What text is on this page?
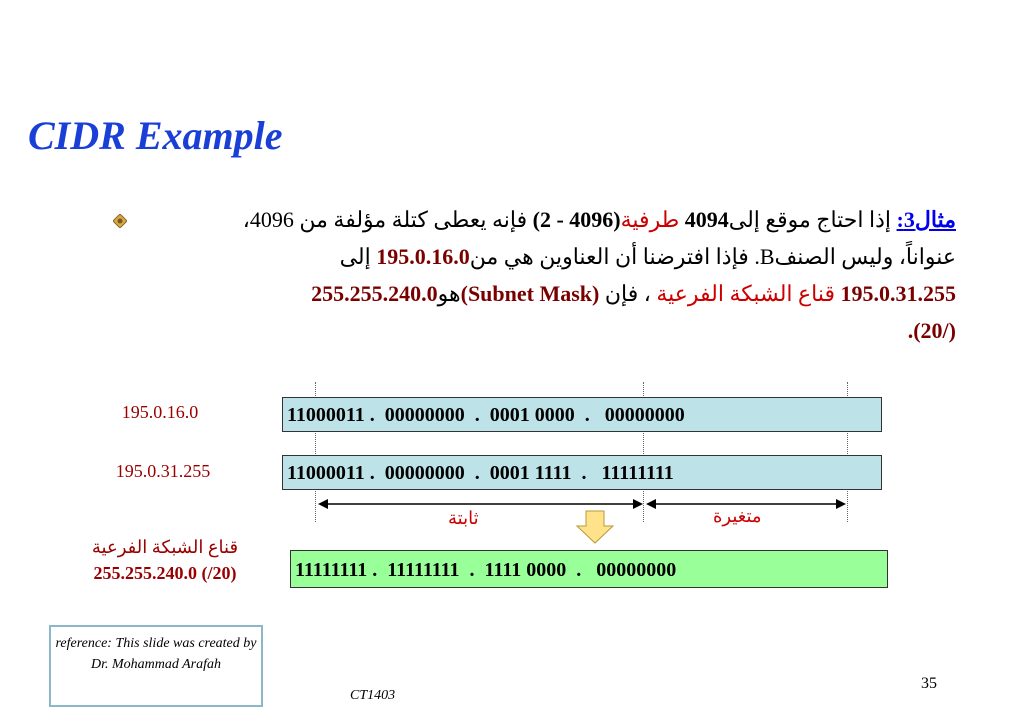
CIDR Example
مثال3: إذا احتاج موقع إلى4094 طرفية(4096 - 2) فإنه يعطى كتلة مؤلفة من 4096،
عنواناً، وليس الصنفB. فإذا افترضنا أن العناوين هي من195.0.16.0 إلى
195.0.31.255 قناع الشبكة الفرعية ، فإن (Subnet Mask)هو255.255.240.0
(/20).
195.0.16.0	11000011 .  00000000  .  0001 0000  .   00000000
195.0.31.255	11000011 .  00000000  .  0001 1111  .   11111111
ثابتة	متغيرة
قناع الشبكة الفرعية
255.255.240.0 (/20)	11111111 .  11111111  .  1111 0000  .   00000000
reference: This slide was created by Dr. Mohammad Arafah
CT1403
35
